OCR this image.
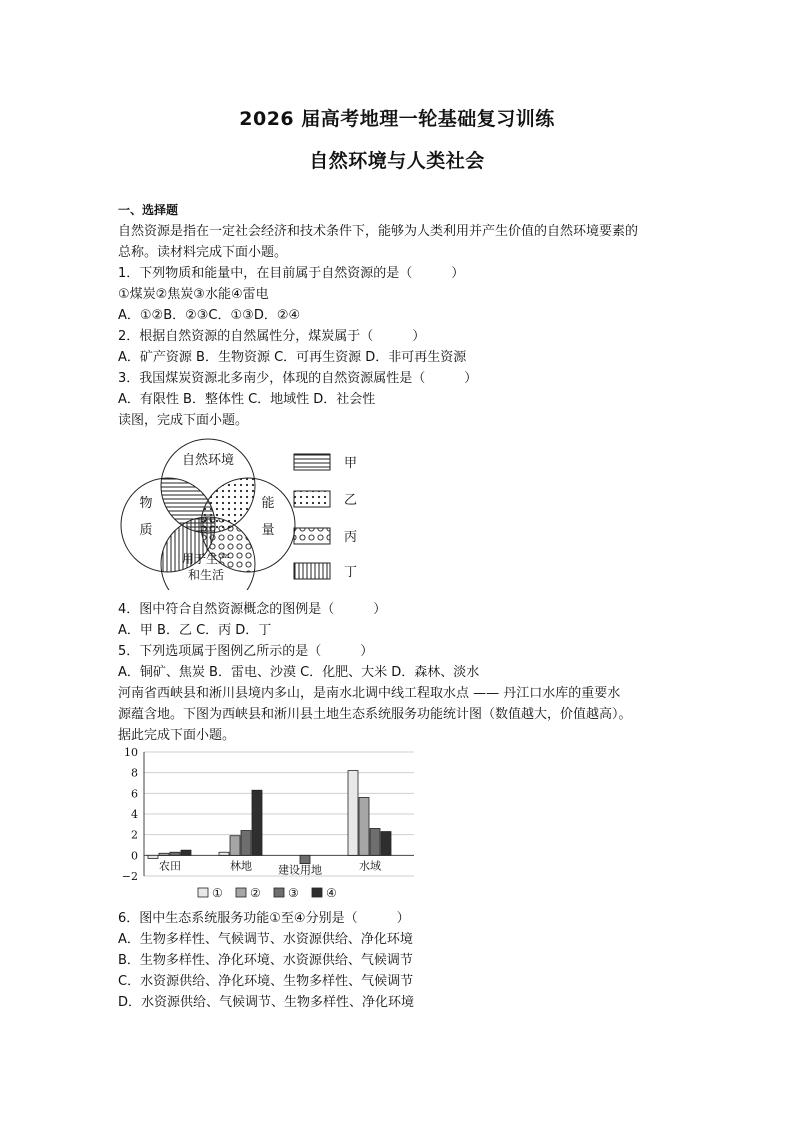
2026 届高考地理一轮基础复习训练
自然环境与人类社会
一、选择题
自然资源是指在一定社会经济和技术条件下，能够为人类利用并产生价值的自然环境要素的
总称。读材料完成下面小题。
1．下列物质和能量中，在目前属于自然资源的是（　　　）
①煤炭②焦炭③水能④雷电
A．①②B．②③C．①③D．②④
2．根据自然资源的自然属性分，煤炭属于（　　　）
A．矿产资源 B．生物资源 C．可再生资源 D．非可再生资源
3．我国煤炭资源北多南少，体现的自然资源属性是（　　　）
A．有限性 B．整体性 C．地域性 D．社会性
读图，完成下面小题。
4．图中符合自然资源概念的图例是（　　　）
A．甲 B．乙 C．丙 D．丁
5．下列选项属于图例乙所示的是（　　　）
A．铜矿、焦炭 B．雷电、沙漠 C．化肥、大米 D．森林、淡水
河南省西峡县和淅川县境内多山，是南水北调中线工程取水点 —— 丹江口水库的重要水
源蕴含地。下图为西峡县和淅川县土地生态系统服务功能统计图（数值越大，价值越高）。
据此完成下面小题。
6．图中生态系统服务功能①至④分别是（　　　）
A．生物多样性、气候调节、水资源供给、净化环境
B．生物多样性、净化环境、水资源供给、气候调节
C．水资源供给、净化环境、生物多样性、气候调节
D．水资源供给、气候调节、生物多样性、净化环境
自然环境
物
质
能
量
用于生产
和生活
甲
乙
丙
丁
10
8
6
4
2
0
−2
农田	林地 建设用地	水域
① ② ③ ④
